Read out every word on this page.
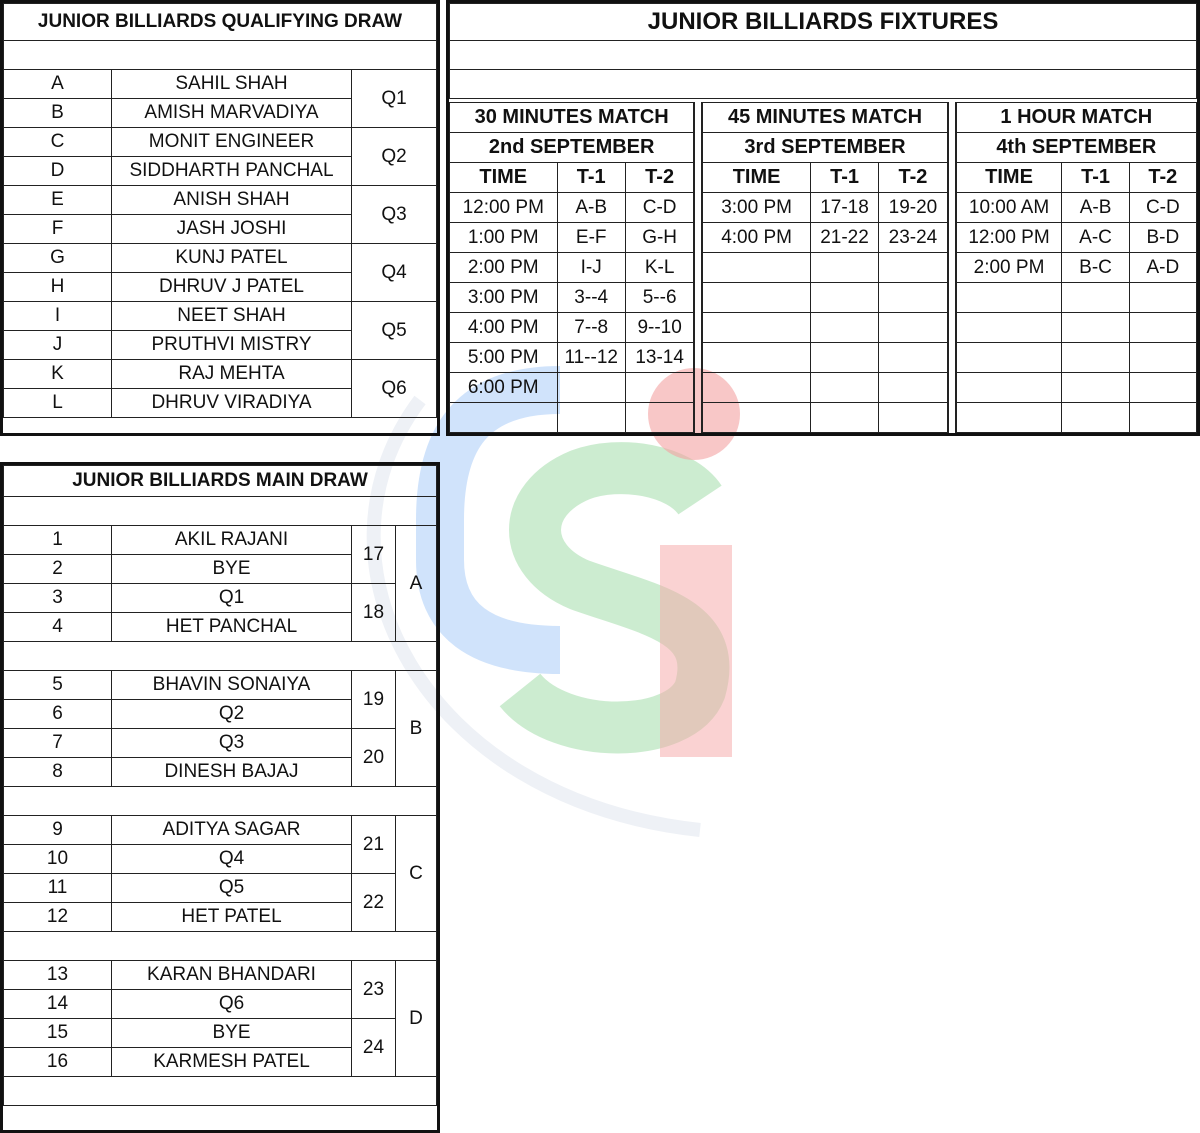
JUNIOR BILLIARDS QUALIFYING DRAW		

A	SAHIL SHAH	Q1
B	AMISH MARVADIYA	
C	MONIT ENGINEER	Q2
D	SIDDHARTH PANCHAL	
E	ANISH SHAH	Q3
F	JASH JOSHI	
G	KUNJ PATEL	Q4
H	DHRUV J PATEL	
I	NEET SHAH	Q5
J	PRUTHVI MISTRY	
K	RAJ MEHTA	Q6
L	DHRUV VIRADIYA	
JUNIOR BILLIARDS FIXTURES

30 MINUTES MATCH		
2nd SEPTEMBER		
TIME	T-1	T-2
12:00 PM	A-B	C-D
1:00 PM	E-F	G-H
2:00 PM	I-J	K-L
3:00 PM	3--4	5--6
4:00 PM	7--8	9--10
5:00 PM	11--12	13-14
6:00 PM		

45 MINUTES MATCH		
3rd SEPTEMBER		
TIME	T-1	T-2
3:00 PM	17-18	19-20
4:00 PM	21-22	23-24

1 HOUR MATCH		
4th SEPTEMBER		
TIME	T-1	T-2
10:00 AM	A-B	C-D
12:00 PM	A-C	B-D
2:00 PM	B-C	A-D

JUNIOR BILLIARDS MAIN DRAW			

1	AKIL RAJANI	17	A
2	BYE		
3	Q1	18	
4	HET PANCHAL		

5	BHAVIN SONAIYA	19	B
6	Q2		
7	Q3	20	
8	DINESH BAJAJ		

9	ADITYA SAGAR	21	C
10	Q4		
11	Q5	22	
12	HET PATEL		

13	KARAN BHANDARI	23	D
14	Q6		
15	BYE	24	
16	KARMESH PATEL		
